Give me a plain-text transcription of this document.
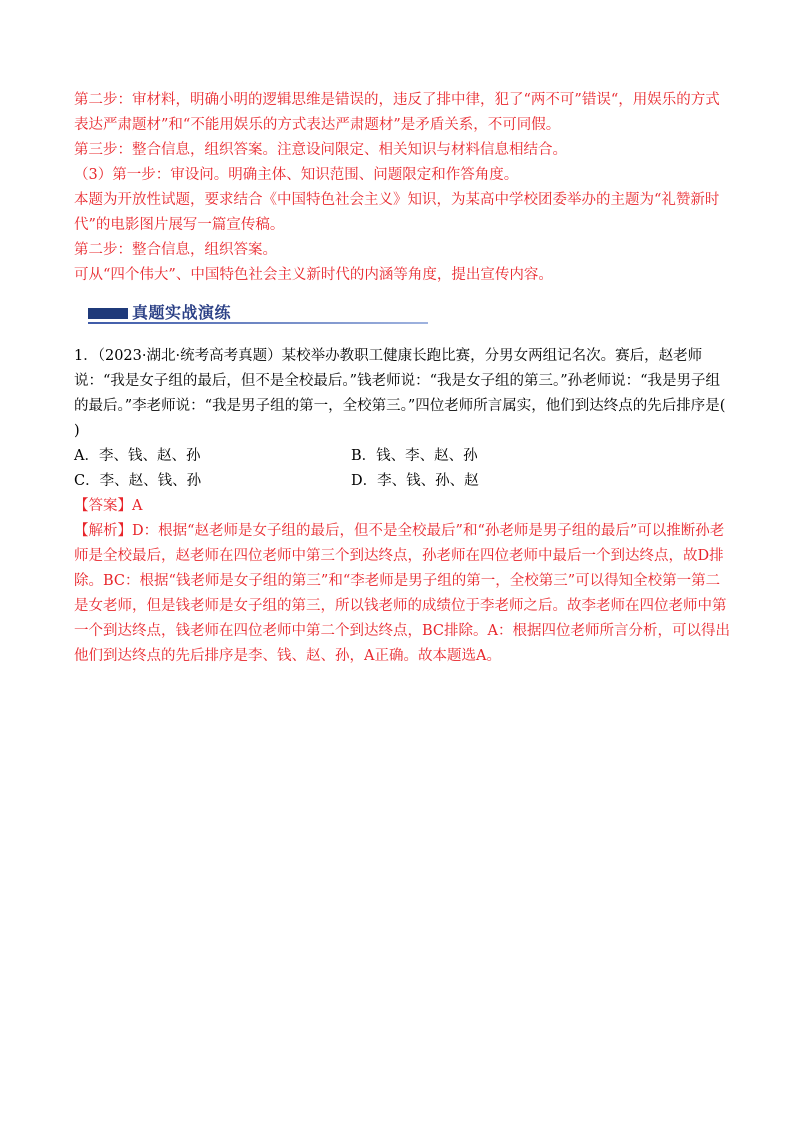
第二步：审材料，明确小明的逻辑思维是错误的，违反了排中律，犯了“两不可”错误“，用娱乐的方式表达严肃题材”和“不能用娱乐的方式表达严肃题材”是矛盾关系，不可同假。

第三步：整合信息，组织答案。注意设问限定、相关知识与材料信息相结合。

（3）第一步：审设问。明确主体、知识范围、问题限定和作答角度。

本题为开放性试题，要求结合《中国特色社会主义》知识，为某高中学校团委举办的主题为“礼赞新时代”的电影图片展写一篇宣传稿。

第二步：整合信息，组织答案。

可从“四个伟大”、中国特色社会主义新时代的内涵等角度，提出宣传内容。

真题实战演练

1．（2023·湖北·统考高考真题）某校举办教职工健康长跑比赛，分男女两组记名次。赛后，赵老师说：“我是女子组的最后，但不是全校最后。”钱老师说：“我是女子组的第三。”孙老师说：“我是男子组的最后。”李老师说：“我是男子组的第一，全校第三。”四位老师所言属实，他们到达终点的先后排序是(　　)

A．李、钱、赵、孙	B．钱、李、赵、孙
C．李、赵、钱、孙	D．李、钱、孙、赵

【答案】A

【解析】D：根据“赵老师是女子组的最后，但不是全校最后”和“孙老师是男子组的最后”可以推断孙老师是全校最后，赵老师在四位老师中第三个到达终点，孙老师在四位老师中最后一个到达终点，故D排除。BC：根据“钱老师是女子组的第三”和“李老师是男子组的第一，全校第三”可以得知全校第一第二是女老师，但是钱老师是女子组的第三，所以钱老师的成绩位于李老师之后。故李老师在四位老师中第一个到达终点，钱老师在四位老师中第二个到达终点，BC排除。A：根据四位老师所言分析，可以得出他们到达终点的先后排序是李、钱、赵、孙，A正确。故本题选A。
